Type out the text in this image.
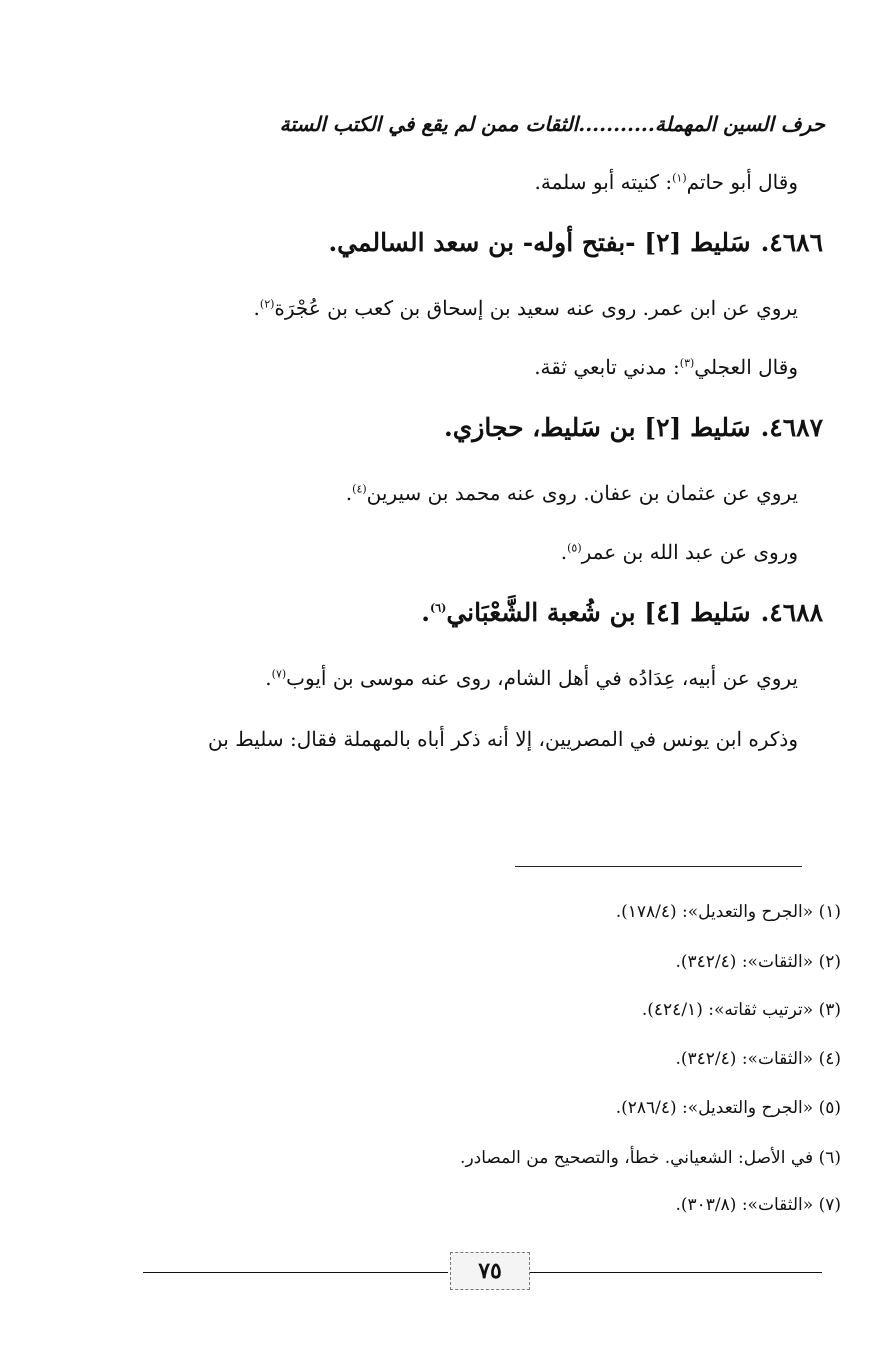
حرف السين المهملة...........الثقات ممن لم يقع في الكتب الستة
وقال أبو حاتم$^{(١)}$: كنيته أبو سلمة.
٤٦٨٦.سَليط [٢] -بفتح أوله- بن سعد السالمي.
يروي عن ابن عمر. روى عنه سعيد بن إسحاق بن كعب بن عُجْرَة$^{(٢)}$.
وقال العجلي$^{(٣)}$: مدني تابعي ثقة.
٤٦٨٧.سَليط [٢] بن سَليط، حجازي.
يروي عن عثمان بن عفان. روى عنه محمد بن سيرين$^{(٤)}$.
وروى عن عبد الله بن عمر$^{(٥)}$.
٤٦٨٨.سَليط [٤] بن شُعبة الشَّعْبَاني$^{(٦)}$.
يروي عن أبيه، عِدَادُه في أهل الشام، روى عنه موسى بن أيوب$^{(٧)}$.
وذكره ابن يونس في المصريين، إلا أنه ذكر أباه بالمهملة فقال: سليط بن
(١) «الجرح والتعديل»: (١٧٨/٤).
(٢) «الثقات»: (٣٤٢/٤).
(٣) «ترتيب ثقاته»: (٤٢٤/١).
(٤) «الثقات»: (٣٤٢/٤).
(٥) «الجرح والتعديل»: (٢٨٦/٤).
(٦) في الأصل: الشعياني. خطأ، والتصحيح من المصادر.
(٧) «الثقات»: (٣٠٣/٨).
٧٥
